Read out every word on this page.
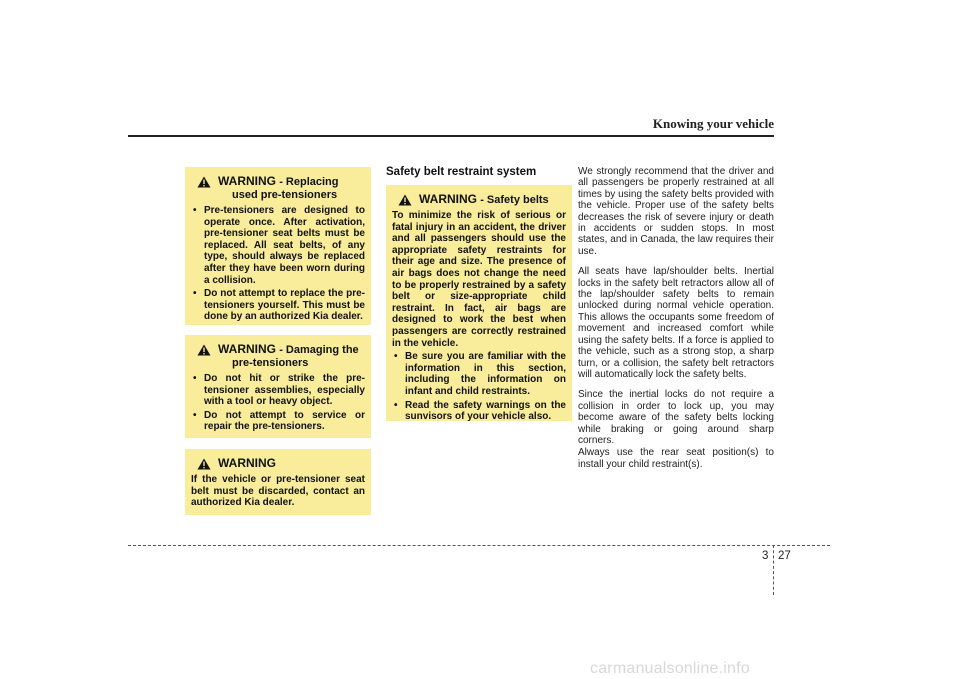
Knowing your vehicle
WARNING - Replacing
used pre-tensioners
• Pre-tensioners are designed to operate once. After activation, pre-tensioner seat belts must be replaced. All seat belts, of any type, should always be replaced after they have been worn during a collision.
• Do not attempt to replace the pre-tensioners yourself. This must be done by an authorized Kia dealer.
WARNING - Damaging the
pre-tensioners
• Do not hit or strike the pre-tensioner assemblies, especially with a tool or heavy object.
• Do not attempt to service or repair the pre-tensioners.
WARNING

If the vehicle or pre-tensioner seat belt must be discarded, contact an authorized Kia dealer.

Safety belt restraint system
WARNING - Safety belts

To minimize the risk of serious or fatal injury in an accident, the driver and all passengers should use the appropriate safety restraints for their age and size. The presence of air bags does not change the need to be properly restrained by a safety belt or size-appropriate child restraint. In fact, air bags are designed to work the best when passengers are correctly restrained in the vehicle.

• Be sure you are familiar with the information in this section, including the information on infant and child restraints.
• Read the safety warnings on the sunvisors of your vehicle also.

We strongly recommend that the driver and all passengers be properly restrained at all times by using the safety belts provided with the vehicle. Proper use of the safety belts decreases the risk of severe injury or death in accidents or sudden stops. In most states, and in Canada, the law requires their use.

All seats have lap/shoulder belts. Inertial locks in the safety belt retractors allow all of the lap/shoulder safety belts to remain unlocked during normal vehicle operation. This allows the occupants some freedom of movement and increased comfort while using the safety belts. If a force is applied to the vehicle, such as a strong stop, a sharp turn, or a collision, the safety belt retractors will automatically lock the safety belts.

Since the inertial locks do not require a collision in order to lock up, you may become aware of the safety belts locking while braking or going around sharp corners.

Always use the rear seat position(s) to install your child restraint(s).

3 27
carmanualsonline.info
